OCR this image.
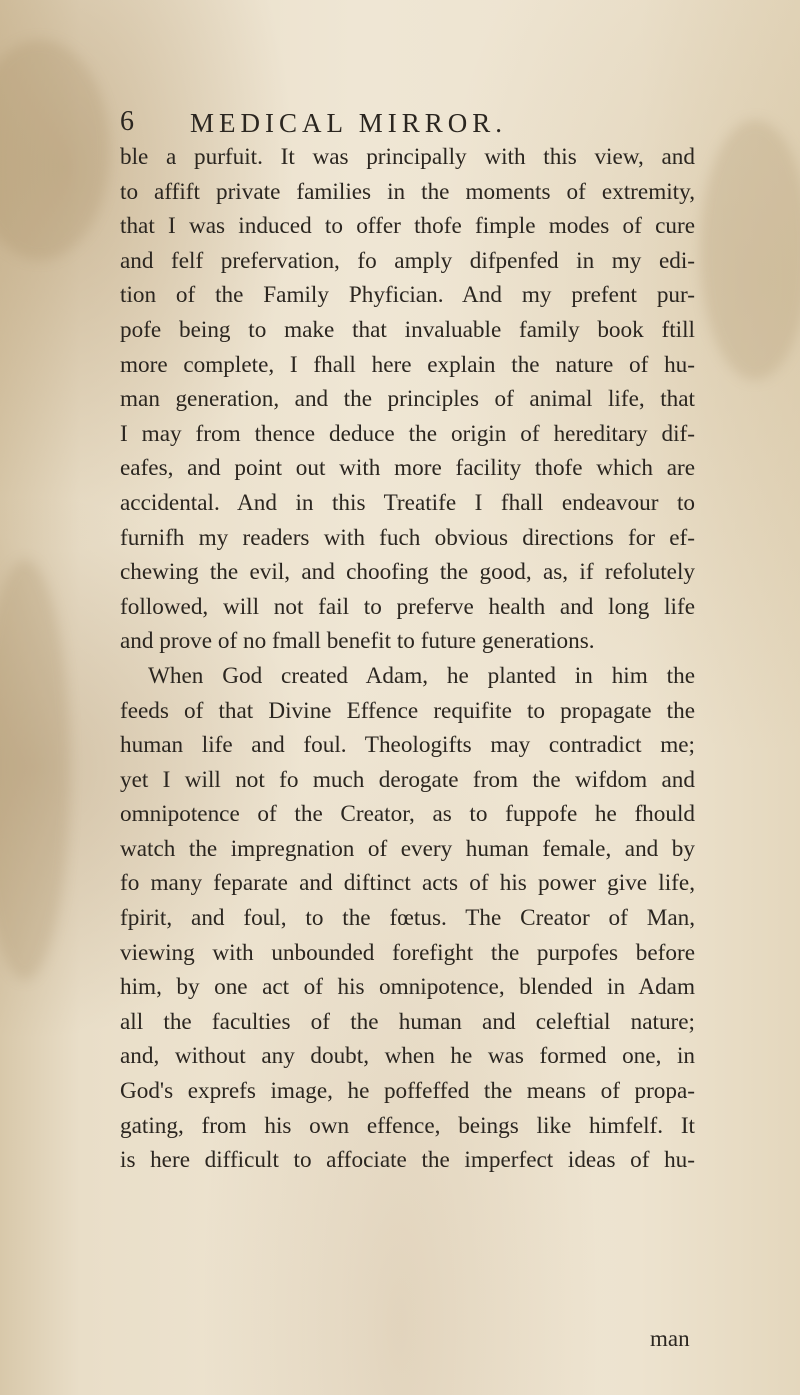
6 MEDICAL MIRROR.
ble a purfuit. It was principally with this view, and
to affift private families in the moments of extremity,
that I was induced to offer thofe fimple modes of cure
and felf prefervation, fo amply difpenfed in my edi-
tion of the Family Phyfician. And my prefent pur-
pofe being to make that invaluable family book ftill
more complete, I fhall here explain the nature of hu-
man generation, and the principles of animal life, that
I may from thence deduce the origin of hereditary dif-
eafes, and point out with more facility thofe which are
accidental. And in this Treatife I fhall endeavour to
furnifh my readers with fuch obvious directions for ef-
chewing the evil, and choofing the good, as, if refolutely
followed, will not fail to preferve health and long life
and prove of no fmall benefit to future generations.
When God created Adam, he planted in him the
feeds of that Divine Effence requifite to propagate the
human life and foul. Theologifts may contradict me;
yet I will not fo much derogate from the wifdom and
omnipotence of the Creator, as to fuppofe he fhould
watch the impregnation of every human female, and by
fo many feparate and diftinct acts of his power give life,
fpirit, and foul, to the fœtus. The Creator of Man,
viewing with unbounded forefight the purpofes before
him, by one act of his omnipotence, blended in Adam
all the faculties of the human and celeftial nature;
and, without any doubt, when he was formed one, in
God's exprefs image, he poffeffed the means of propa-
gating, from his own effence, beings like himfelf. It
is here difficult to affociate the imperfect ideas of hu-
man
